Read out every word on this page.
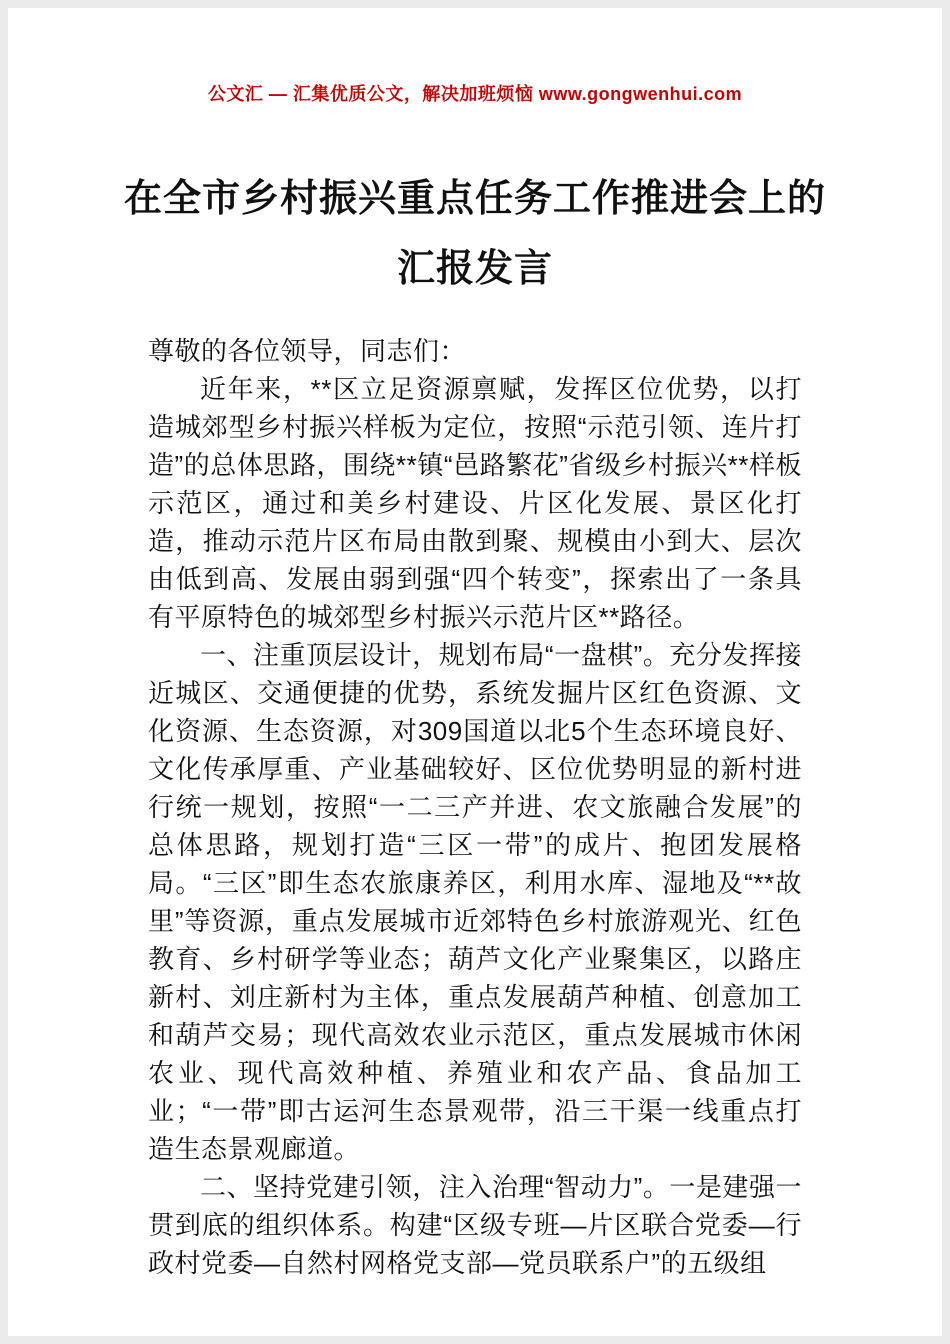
公文汇 — 汇集优质公文，解决加班烦恼 www.gongwenhui.com
在全市乡村振兴重点任务工作推进会上的
汇报发言

尊敬的各位领导，同志们：

近年来，**区立足资源禀赋，发挥区位优势，以打造城郊型乡村振兴样板为定位，按照“示范引领、连片打造”的总体思路，围绕**镇“邑路繁花”省级乡村振兴**样板示范区，通过和美乡村建设、片区化发展、景区化打造，推动示范片区布局由散到聚、规模由小到大、层次由低到高、发展由弱到强“四个转变”，探索出了一条具有平原特色的城郊型乡村振兴示范片区**路径。

一、注重顶层设计，规划布局“一盘棋”。充分发挥接近城区、交通便捷的优势，系统发掘片区红色资源、文化资源、生态资源，对309国道以北5个生态环境良好、文化传承厚重、产业基础较好、区位优势明显的新村进行统一规划，按照“一二三产并进、农文旅融合发展”的总体思路，规划打造“三区一带”的成片、抱团发展格局。“三区”即生态农旅康养区，利用水库、湿地及“**故里”等资源，重点发展城市近郊特色乡村旅游观光、红色教育、乡村研学等业态；葫芦文化产业聚集区，以路庄新村、刘庄新村为主体，重点发展葫芦种植、创意加工和葫芦交易；现代高效农业示范区，重点发展城市休闲农业、现代高效种植、养殖业和农产品、食品加工业；“一带”即古运河生态景观带，沿三干渠一线重点打造生态景观廊道。

二、坚持党建引领，注入治理“智动力”。一是建强一贯到底的组织体系。构建“区级专班—片区联合党委—行政村党委—自然村网格党支部—党员联系户”的五级组
